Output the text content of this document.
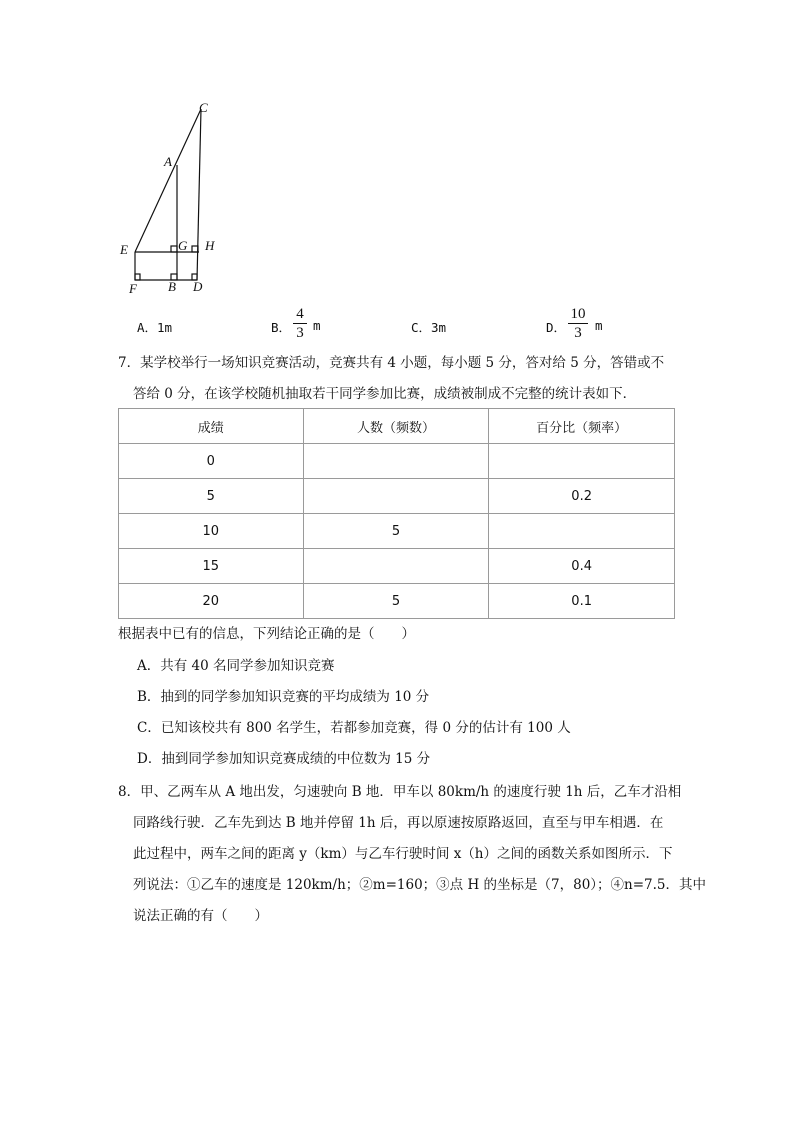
C
A
E	G H
F B D
A．1m	B．
4
3 m	C．3m	D．
10
3	m
7．某学校举行一场知识竞赛活动，竞赛共有 4 小题，每小题 5 分，答对给 5 分，答错或不
答给 0 分，在该学校随机抽取若干同学参加比赛，成绩被制成不完整的统计表如下．
成绩	人数（频数）	百分比（频率）
0		
5		0.2
10	5	
15		0.4
20	5	0.1
根据表中已有的信息，下列结论正确的是（　　）
A．共有 40 名同学参加知识竞赛
B．抽到的同学参加知识竞赛的平均成绩为 10 分
C．已知该校共有 800 名学生，若都参加竞赛，得 0 分的估计有 100 人
D．抽到同学参加知识竞赛成绩的中位数为 15 分
8．甲、乙两车从 A 地出发，匀速驶向 B 地．甲车以 80km/h 的速度行驶 1h 后，乙车才沿相
同路线行驶．乙车先到达 B 地并停留 1h 后，再以原速按原路返回，直至与甲车相遇．在
此过程中，两车之间的距离 y（km）与乙车行驶时间 x（h）之间的函数关系如图所示．下
列说法：①乙车的速度是 120km/h；②m=160；③点 H 的坐标是（7，80）；④n=7.5．其中
说法正确的有（　　）
